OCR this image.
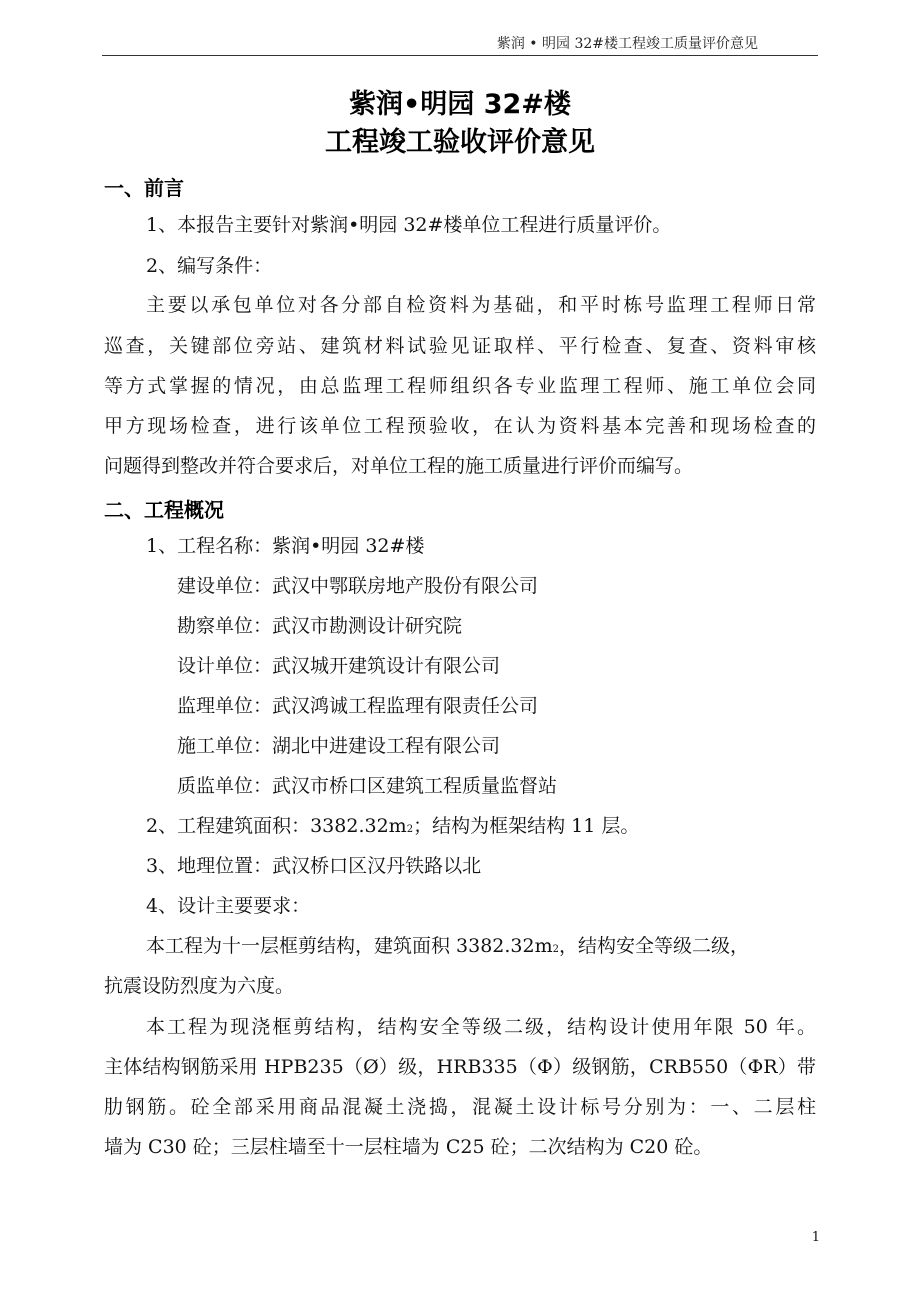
紫润 • 明园 32#楼工程竣工质量评价意见
紫润•明园 32#楼
工程竣工验收评价意见
一、前言
1、本报告主要针对紫润•明园 32#楼单位工程进行质量评价。
2、编写条件：
主要以承包单位对各分部自检资料为基础，和平时栋号监理工程师日常
巡查，关键部位旁站、建筑材料试验见证取样、平行检查、复查、资料审核
等方式掌握的情况，由总监理工程师组织各专业监理工程师、施工单位会同
甲方现场检查，进行该单位工程预验收，在认为资料基本完善和现场检查的
问题得到整改并符合要求后，对单位工程的施工质量进行评价而编写。
二、工程概况
1、工程名称：紫润•明园 32#楼
建设单位：武汉中鄂联房地产股份有限公司
勘察单位：武汉市勘测设计研究院
设计单位：武汉城开建筑设计有限公司
监理单位：武汉鸿诚工程监理有限责任公司
施工单位：湖北中进建设工程有限公司
质监单位：武汉市桥口区建筑工程质量监督站
2、工程建筑面积：3382.32m2；结构为框架结构 11 层。
3、地理位置：武汉桥口区汉丹铁路以北
4、设计主要要求：
本工程为十一层框剪结构，建筑面积 3382.32m2，结构安全等级二级，
抗震设防烈度为六度。
本工程为现浇框剪结构，结构安全等级二级，结构设计使用年限 50 年。
主体结构钢筋采用 HPB235（Ø）级，HRB335（Φ）级钢筋，CRB550（ΦR）带
肋钢筋。砼全部采用商品混凝土浇捣，混凝土设计标号分别为：一、二层柱
墙为 C30 砼；三层柱墙至十一层柱墙为 C25 砼；二次结构为 C20 砼。
1
